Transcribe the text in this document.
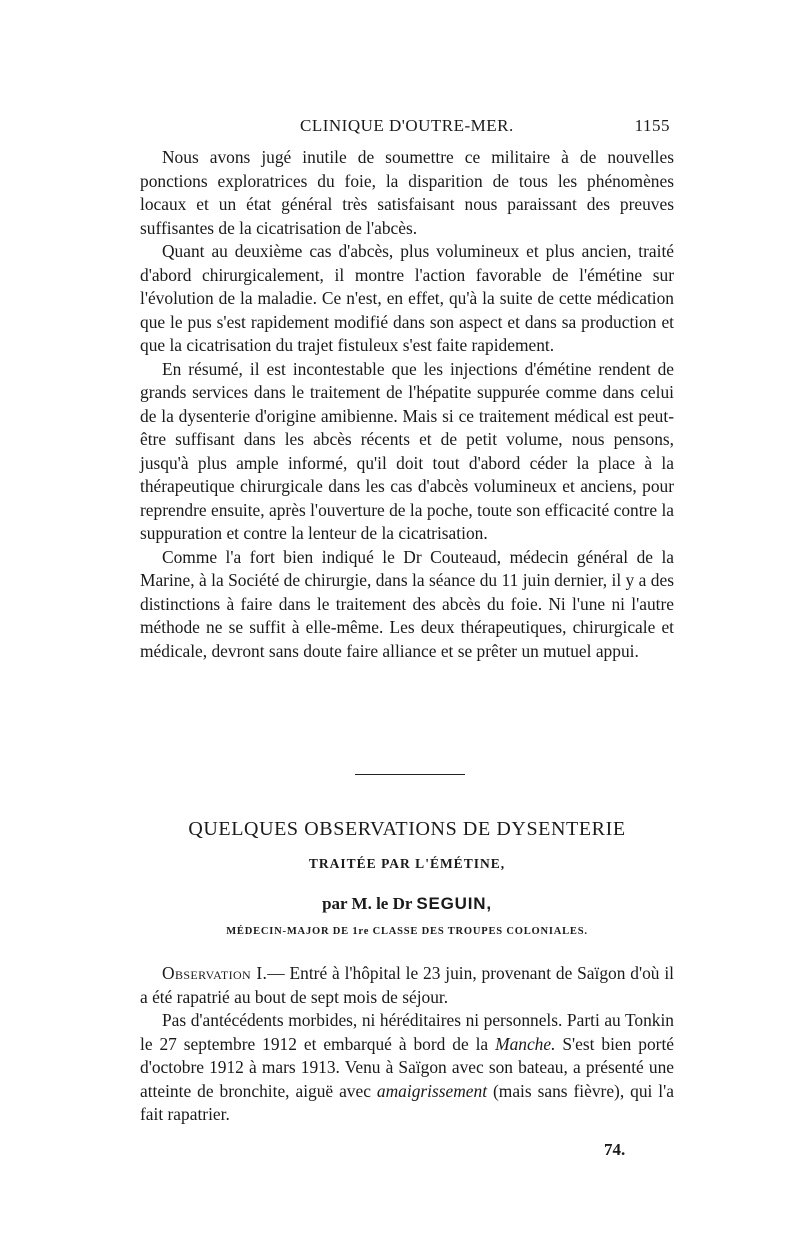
CLINIQUE D'OUTRE-MER.	1155

Nous avons jugé inutile de soumettre ce militaire à de nouvelles ponctions exploratrices du foie, la disparition de tous les phénomènes locaux et un état général très satisfaisant nous paraissant des preuves suffisantes de la cicatrisation de l'abcès.

Quant au deuxième cas d'abcès, plus volumineux et plus ancien, traité d'abord chirurgicalement, il montre l'action favorable de l'émétine sur l'évolution de la maladie. Ce n'est, en effet, qu'à la suite de cette médication que le pus s'est rapidement modifié dans son aspect et dans sa production et que la cicatrisation du trajet fistuleux s'est faite rapidement.

En résumé, il est incontestable que les injections d'émétine rendent de grands services dans le traitement de l'hépatite suppurée comme dans celui de la dysenterie d'origine amibienne. Mais si ce traitement médical est peut-être suffisant dans les abcès récents et de petit volume, nous pensons, jusqu'à plus ample informé, qu'il doit tout d'abord céder la place à la thérapeutique chirurgicale dans les cas d'abcès volumineux et anciens, pour reprendre ensuite, après l'ouverture de la poche, toute son efficacité contre la suppuration et contre la lenteur de la cicatrisation.

Comme l'a fort bien indiqué le Dr Couteaud, médecin général de la Marine, à la Société de chirurgie, dans la séance du 11 juin dernier, il y a des distinctions à faire dans le traitement des abcès du foie. Ni l'une ni l'autre méthode ne se suffit à elle-même. Les deux thérapeutiques, chirurgicale et médicale, devront sans doute faire alliance et se prêter un mutuel appui.

QUELQUES OBSERVATIONS DE DYSENTERIE
TRAITÉE PAR L'ÉMÉTINE,
par M. le Dr SEGUIN,
MÉDECIN-MAJOR DE 1re CLASSE DES TROUPES COLONIALES.

Observation I.— Entré à l'hôpital le 23 juin, provenant de Saïgon d'où il a été rapatrié au bout de sept mois de séjour.

Pas d'antécédents morbides, ni héréditaires ni personnels. Parti au Tonkin le 27 septembre 1912 et embarqué à bord de la Manche. S'est bien porté d'octobre 1912 à mars 1913. Venu à Saïgon avec son bateau, a présenté une atteinte de bronchite, aiguë avec amaigrissement (mais sans fièvre), qui l'a fait rapatrier.

74.
